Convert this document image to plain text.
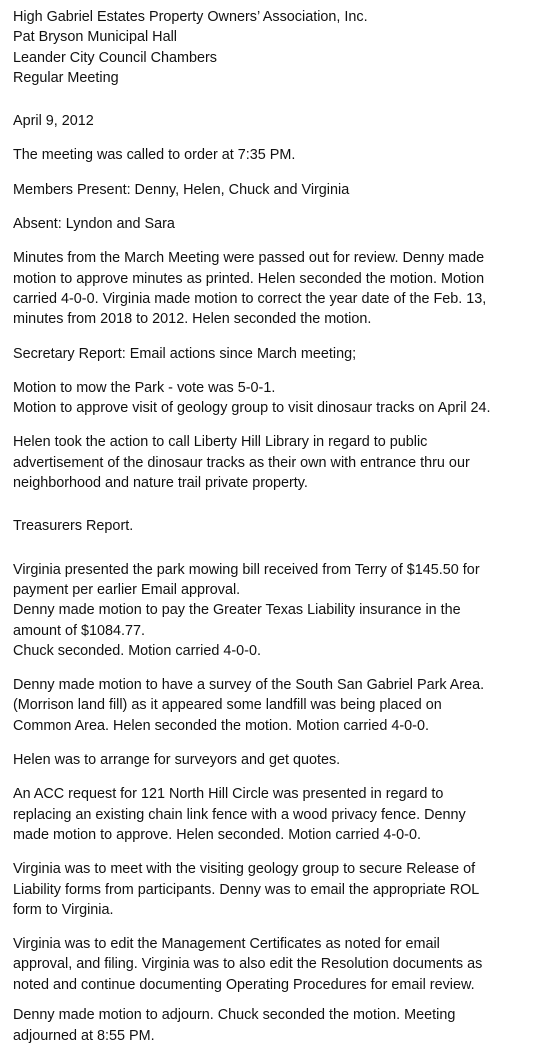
High Gabriel Estates Property Owners’ Association, Inc.
Pat Bryson Municipal Hall
Leander City Council Chambers
Regular Meeting
April 9, 2012
The meeting was called to order at 7:35 PM.
Members Present: Denny, Helen, Chuck and Virginia
Absent: Lyndon and Sara
Minutes from the March Meeting were passed out for review. Denny made
motion to approve minutes as printed. Helen seconded the motion. Motion
carried 4-0-0. Virginia made motion to correct the year date of the Feb. 13,
minutes from 2018 to 2012. Helen seconded the motion.
Secretary Report: Email actions since March meeting;
Motion to mow the Park - vote was 5-0-1.
Motion to approve visit of geology group to visit dinosaur tracks on April 24.
Helen took the action to call Liberty Hill Library in regard to public
advertisement of the dinosaur tracks as their own with entrance thru our
neighborhood and nature trail private property.
Treasurers Report.
Virginia presented the park mowing bill received from Terry of $145.50 for
payment per earlier Email approval.
Denny made motion to pay the Greater Texas Liability insurance in the
amount of $1084.77.
Chuck seconded. Motion carried 4-0-0.
Denny made motion to have a survey of the South San Gabriel Park Area.
(Morrison land fill) as it appeared some landfill was being placed on
Common Area. Helen seconded the motion. Motion carried 4-0-0.
Helen was to arrange for surveyors and get quotes.
An ACC request for 121 North Hill Circle was presented in regard to
replacing an existing chain link fence with a wood privacy fence. Denny
made motion to approve. Helen seconded. Motion carried 4-0-0.
Virginia was to meet with the visiting geology group to secure Release of
Liability forms from participants. Denny was to email the appropriate ROL
form to Virginia.
Virginia was to edit the Management Certificates as noted for email
approval, and filing. Virginia was to also edit the Resolution documents as
noted and continue documenting Operating Procedures for email review.
Denny made motion to adjourn. Chuck seconded the motion. Meeting
adjourned at 8:55 PM.
